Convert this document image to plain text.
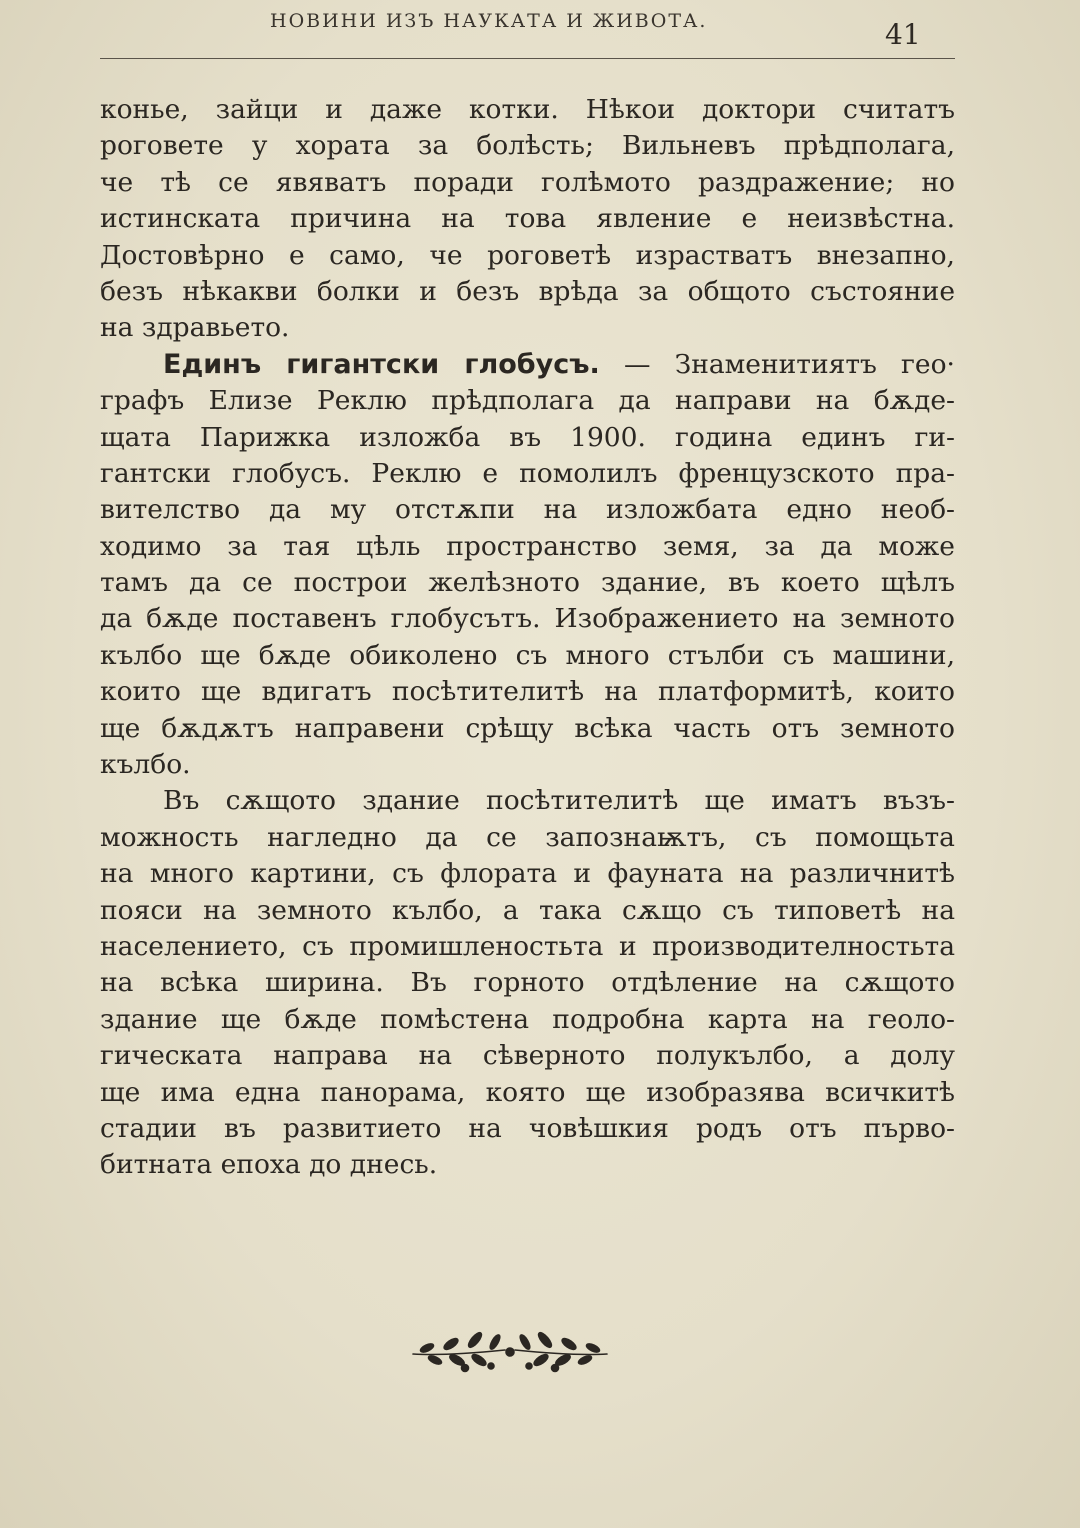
НОВИНИ ИЗЪ НАУКАТА И ЖИВОТА.	41

конье, зайци и даже котки. Нѣкои доктори считатъ
роговете у хората за болѣсть; Вильневъ прѣдполага,
че тѣ се явяватъ поради голѣмото раздражение; но
истинската причина на това явление е неизвѣстна.
Достовѣрно е само, че роговетѣ израстватъ внезапно,
безъ нѣкакви болки и безъ врѣда за общото състояние
на здравьето.

Единъ гигантски глобусъ. — Знаменитиятъ гео·
графъ Елизе Реклю прѣдполага да направи на бѫде-
щата Парижка изложба въ 1900. година единъ ги-
гантски глобусъ. Реклю е помолилъ френцузското пра-
вителство да му отстѫпи на изложбата едно необ-
ходимо за тая цѣль пространство земя, за да може
тамъ да се построи желѣзното здание, въ което щѣлъ
да бѫде поставенъ глобусътъ. Изображението на земното
кълбо ще бѫде обиколено съ много стълби съ машини,
които ще вдигатъ посѣтителитѣ на платформитѣ, които
ще бѫдѫтъ направени срѣщу всѣка часть отъ земното
кълбо.

Въ сѫщото здание посѣтителитѣ ще иматъ възъ-
можность нагледно да се запознаѭтъ, съ помощьта
на много картини, съ флората и фауната на различнитѣ
пояси на земното кълбо, а така сѫщо съ типоветѣ на
населението, съ промишленостьта и производителностьта
на всѣка ширина. Въ горното отдѣление на сѫщото
здание ще бѫде помѣстена подробна карта на геоло-
гическата направа на сѣверното полукълбо, а долу
ще има една панорама, която ще изобразява всичкитѣ
стадии въ развитието на човѣшкия родъ отъ първо-
битната епоха до днесь.
